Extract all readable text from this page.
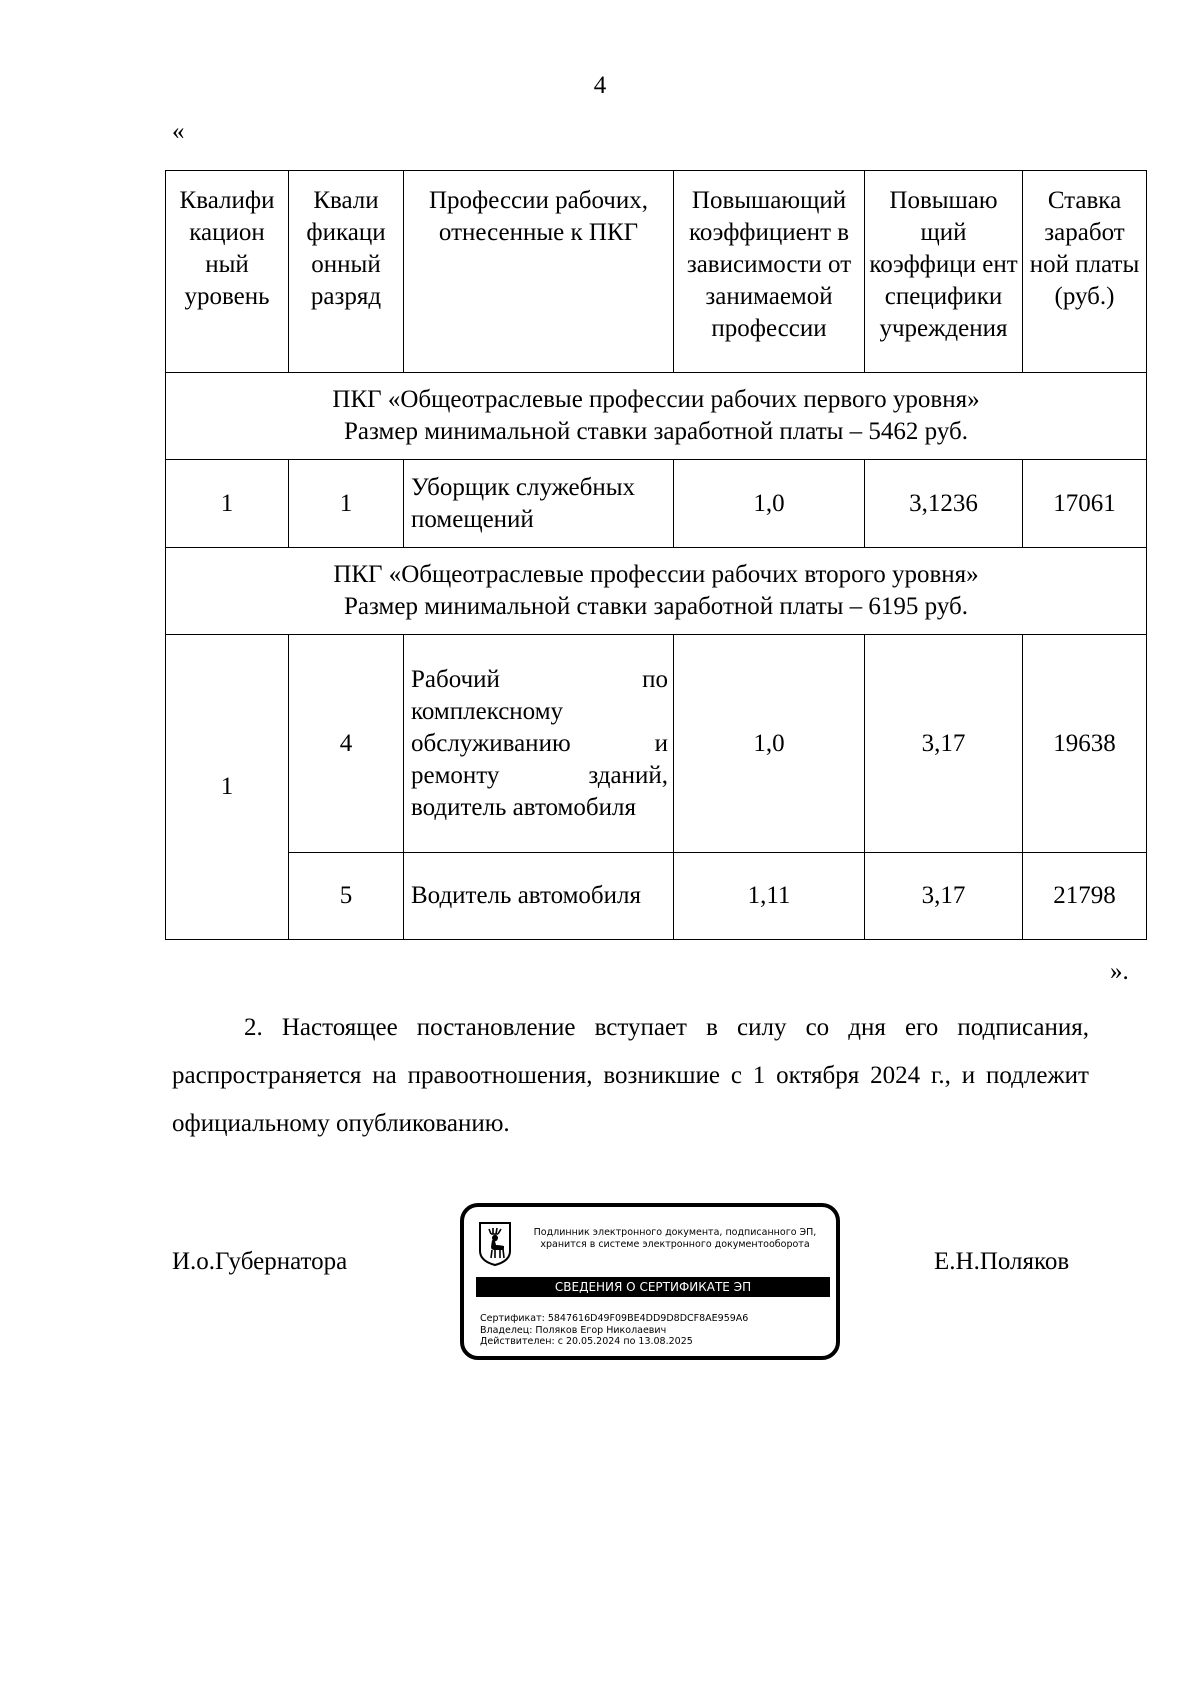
4
«
Квалифи кацион ный уровень	Квали фикаци онный разряд	Профессии рабочих, отнесенные к ПКГ	Повышающий коэффициент в зависимости от занимаемой профессии	Повышаю щий коэффици ент специфики учреждения	Ставка заработ ной платы (руб.)

ПКГ «Общеотраслевые профессии рабочих первого уровня»
Размер минимальной ставки заработной платы – 5462 руб.					

1	1	Уборщик служебных помещений	1,0	3,1236	17061

ПКГ «Общеотраслевые профессии рабочих второго уровня»
Размер минимальной ставки заработной платы – 6195 руб.					

1	4	Рабочий по комплексному обслуживанию и ремонту зданий, водитель автомобиля	1,0	3,17	19638
	5	Водитель автомобиля	1,11	3,17	21798
».
2. Настоящее постановление вступает в силу со дня его подписания, распространяется на правоотношения, возникшие с 1 октября 2024 г., и подлежит официальному опубликованию.
И.о.Губернатора
Подлинник электронного документа, подписанного ЭП,
хранится в системе электронного документооборота
СВЕДЕНИЯ О СЕРТИФИКАТЕ ЭП
Сертификат: 5847616D49F09BE4DD9D8DCF8AE959A6
Владелец: Поляков Егор Николаевич
Действителен: с 20.05.2024 по 13.08.2025
Е.Н.Поляков
